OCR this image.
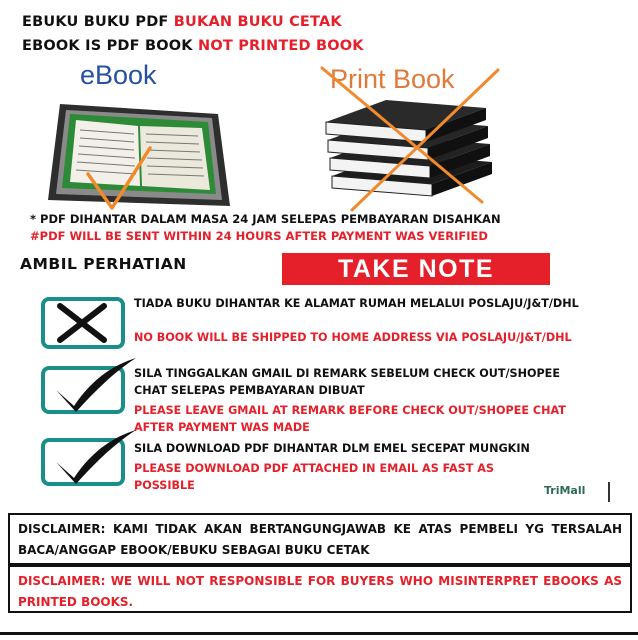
EBUKU BUKU PDF BUKAN BUKU CETAK
EBOOK IS PDF BOOK NOT PRINTED BOOK
eBook	Print Book
* PDF DIHANTAR DALAM MASA 24 JAM SELEPAS PEMBAYARAN DISAHKAN
#PDF WILL BE SENT WITHIN 24 HOURS AFTER PAYMENT WAS VERIFIED
AMBIL PERHATIAN	TAKE NOTE
TIADA BUKU DIHANTAR KE ALAMAT RUMAH MELALUI POSLAJU/J&T/DHL
NO BOOK WILL BE SHIPPED TO HOME ADDRESS VIA POSLAJU/J&T/DHL
SILA TINGGALKAN GMAIL DI REMARK SEBELUM CHECK OUT/SHOPEE CHAT SELEPAS PEMBAYARAN DIBUAT
PLEASE LEAVE GMAIL AT REMARK BEFORE CHECK OUT/SHOPEE CHAT AFTER PAYMENT WAS MADE
SILA DOWNLOAD PDF DIHANTAR DLM EMEL SECEPAT MUNGKIN
PLEASE DOWNLOAD PDF ATTACHED IN EMAIL AS FAST AS POSSIBLE	TriMall
DISCLAIMER: KAMI TIDAK AKAN BERTANGUNGJAWAB KE ATAS PEMBELI YG TERSALAH BACA/ANGGAP EBOOK/EBUKU SEBAGAI BUKU CETAK
DISCLAIMER: WE WILL NOT RESPONSIBLE FOR BUYERS WHO MISINTERPRET EBOOKS AS PRINTED BOOKS.
